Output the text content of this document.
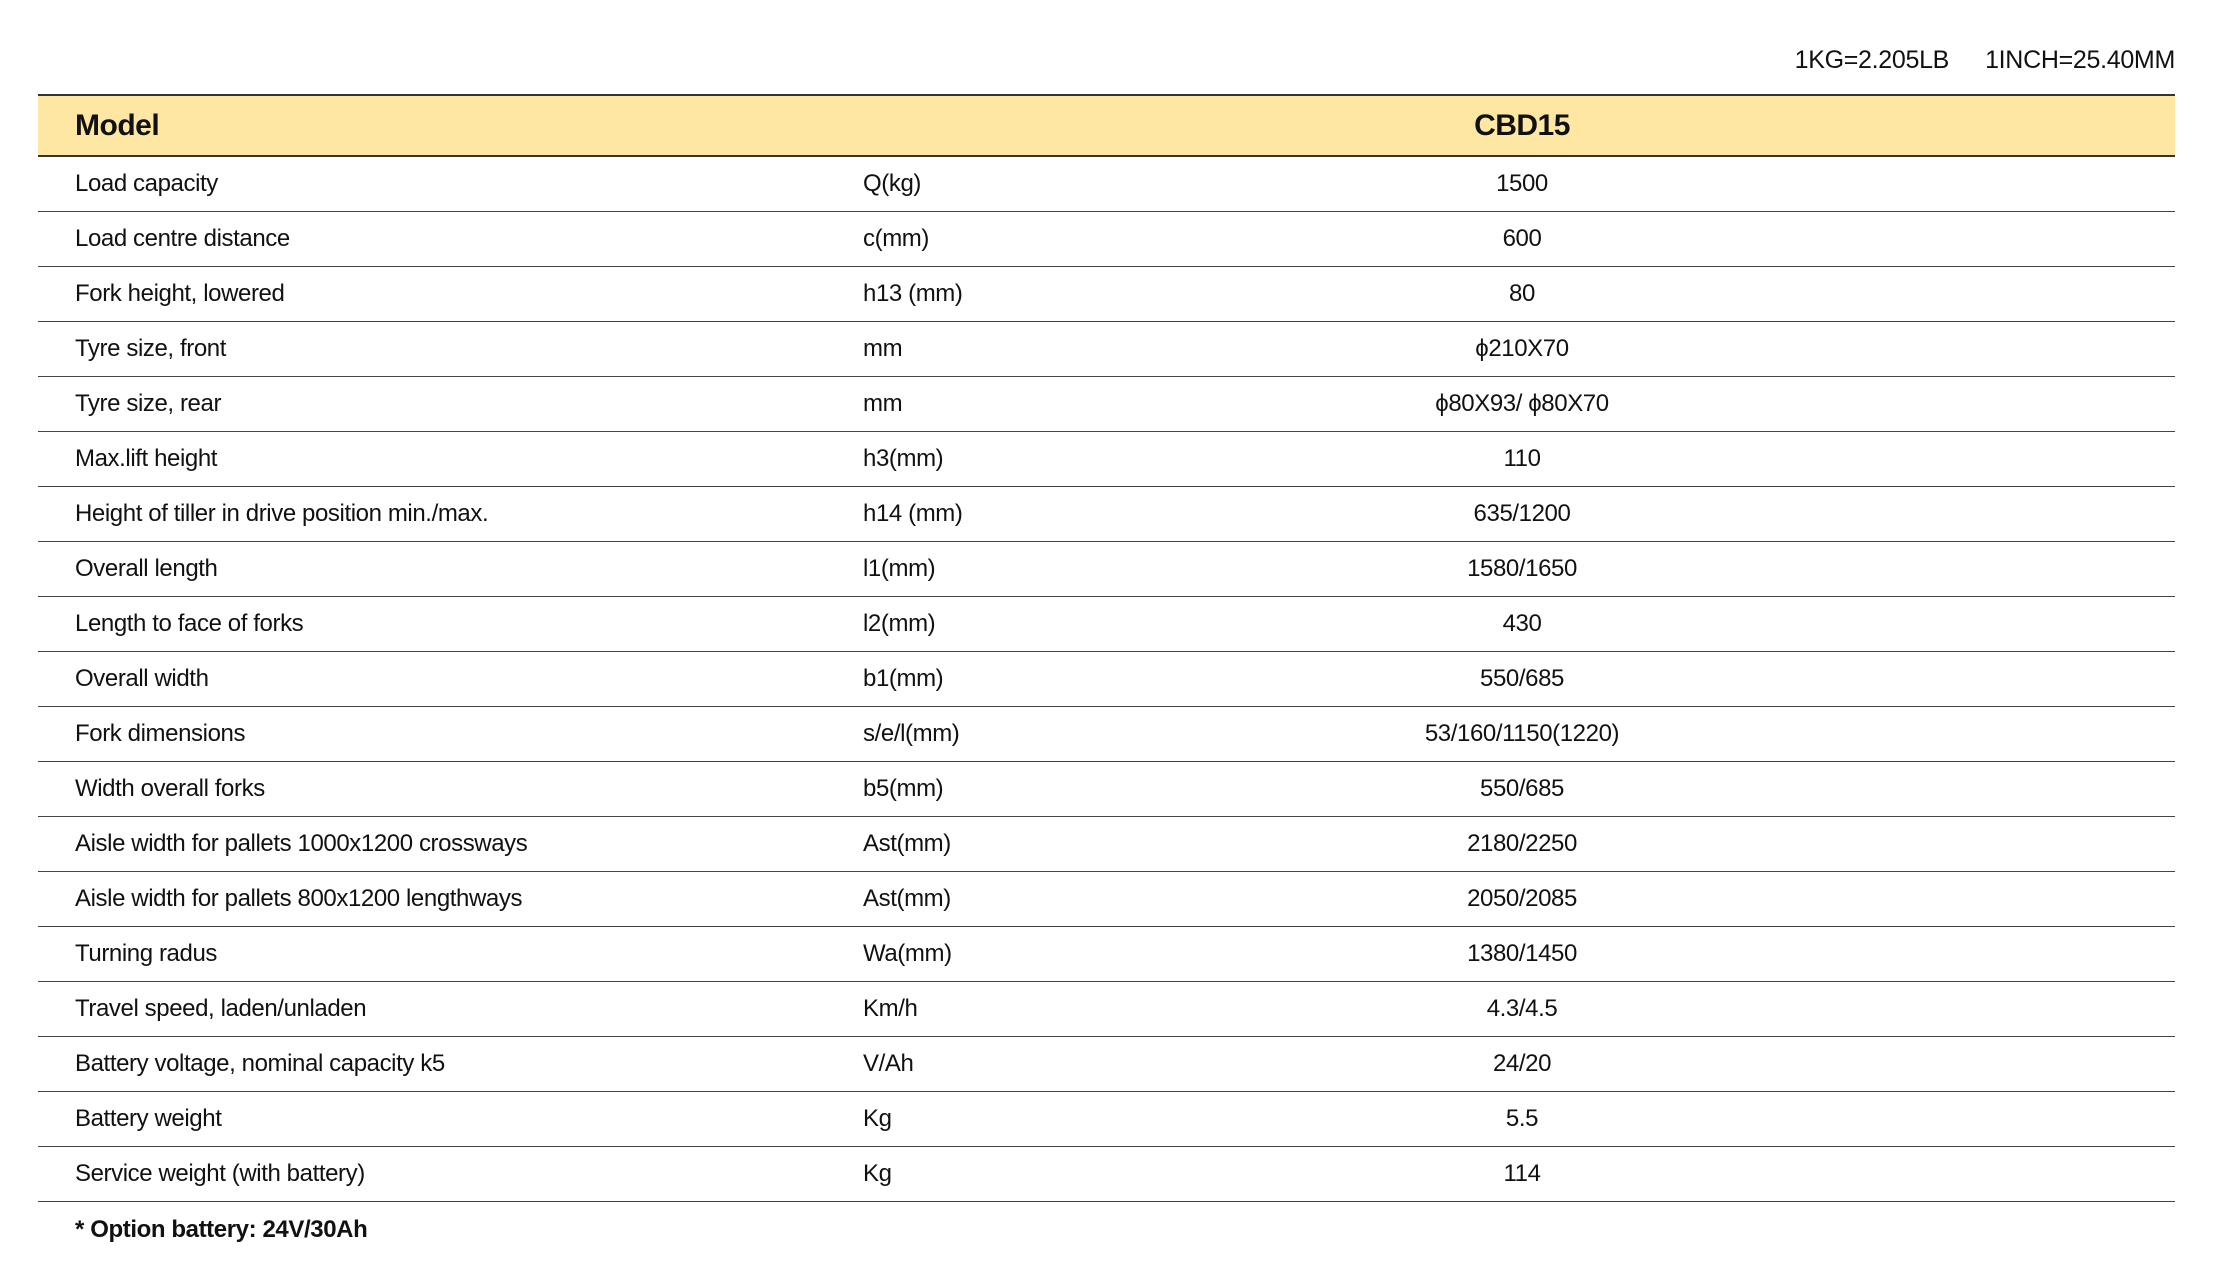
1KG=2.205LB 1INCH=25.40MM
Model		CBD15	
Load capacity	Q(kg)	1500	
Load centre distance	c(mm)	600	
Fork height, lowered	h13 (mm)	80	
Tyre size, front	mm	ϕ210X70	
Tyre size, rear	mm	ϕ80X93/ ϕ80X70	
Max.lift height	h3(mm)	110	
Height of tiller in drive position min./max.	h14 (mm)	635/1200	
Overall length	l1(mm)	1580/1650	
Length to face of forks	l2(mm)	430	
Overall width	b1(mm)	550/685	
Fork dimensions	s/e/l(mm)	53/160/1150(1220)	
Width overall forks	b5(mm)	550/685	
Aisle width for pallets 1000x1200 crossways	Ast(mm)	2180/2250	
Aisle width for pallets 800x1200 lengthways	Ast(mm)	2050/2085	
Turning radus	Wa(mm)	1380/1450	
Travel speed, laden/unladen	Km/h	4.3/4.5	
Battery voltage, nominal capacity k5	V/Ah	24/20	
Battery weight	Kg	5.5	
Service weight (with battery)	Kg	114	
* Option battery: 24V/30Ah
